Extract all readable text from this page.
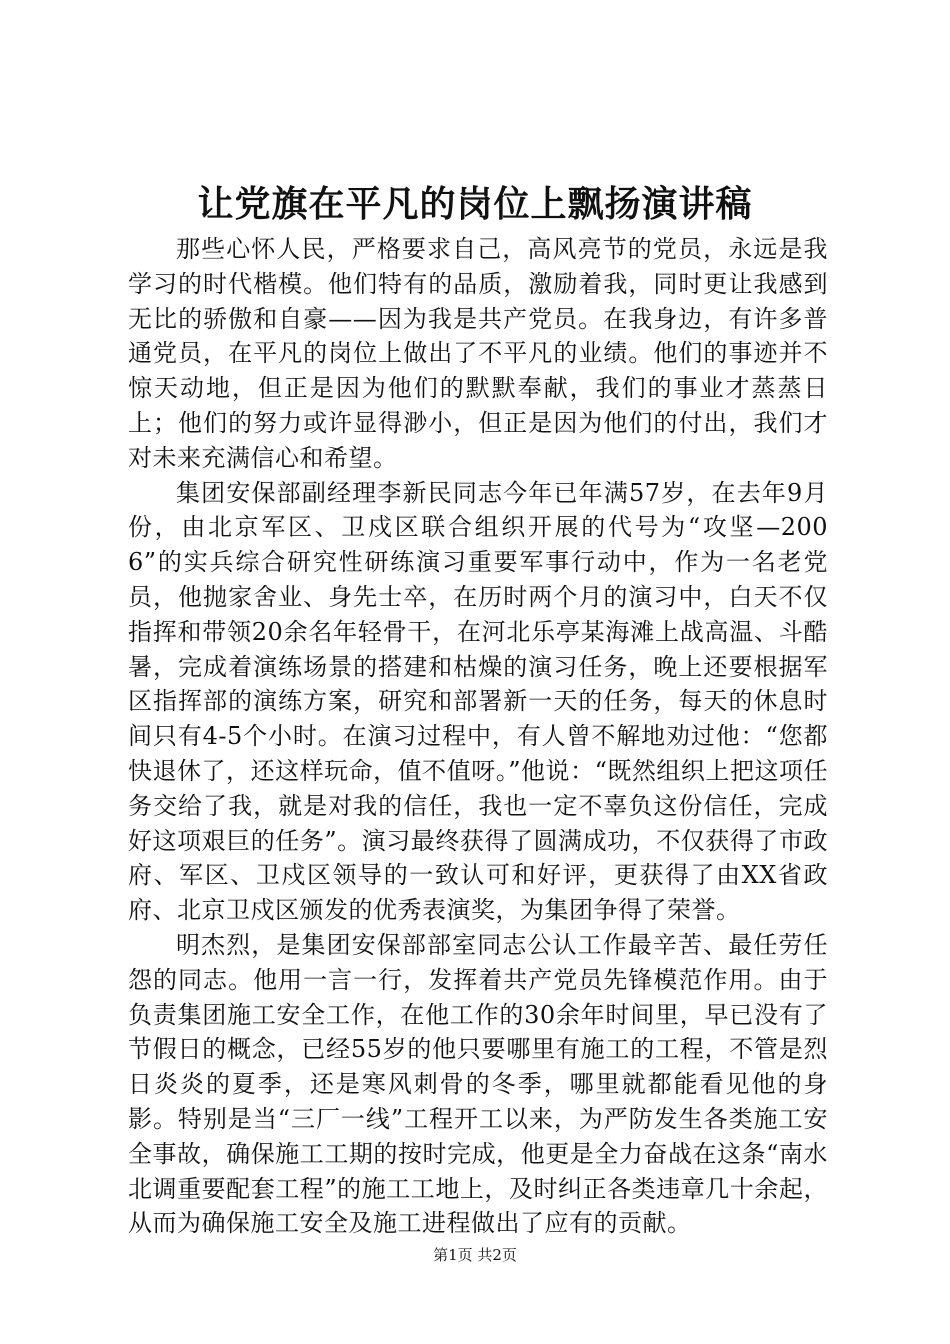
让党旗在平凡的岗位上飘扬演讲稿

那些心怀人民，严格要求自己，高风亮节的党员，永远是我学习的时代楷模。他们特有的品质，激励着我，同时更让我感到无比的骄傲和自豪——因为我是共产党员。在我身边，有许多普通党员，在平凡的岗位上做出了不平凡的业绩。他们的事迹并不惊天动地，但正是因为他们的默默奉献，我们的事业才蒸蒸日上；他们的努力或许显得渺小，但正是因为他们的付出，我们才对未来充满信心和希望。

集团安保部副经理李新民同志今年已年满57岁，在去年9月份，由北京军区、卫戍区联合组织开展的代号为“攻坚—2006”的实兵综合研究性研练演习重要军事行动中，作为一名老党员，他抛家舍业、身先士卒，在历时两个月的演习中，白天不仅指挥和带领20余名年轻骨干，在河北乐亭某海滩上战高温、斗酷暑，完成着演练场景的搭建和枯燥的演习任务，晚上还要根据军区指挥部的演练方案，研究和部署新一天的任务，每天的休息时间只有4-5个小时。在演习过程中，有人曾不解地劝过他：“您都快退休了，还这样玩命，值不值呀。”他说：“既然组织上把这项任务交给了我，就是对我的信任，我也一定不辜负这份信任，完成好这项艰巨的任务”。演习最终获得了圆满成功，不仅获得了市政府、军区、卫戍区领导的一致认可和好评，更获得了由XX省政府、北京卫戍区颁发的优秀表演奖，为集团争得了荣誉。

明杰烈，是集团安保部部室同志公认工作最辛苦、最任劳任怨的同志。他用一言一行，发挥着共产党员先锋模范作用。由于负责集团施工安全工作，在他工作的30余年时间里，早已没有了节假日的概念，已经55岁的他只要哪里有施工的工程，不管是烈日炎炎的夏季，还是寒风刺骨的冬季，哪里就都能看见他的身影。特别是当“三厂一线”工程开工以来，为严防发生各类施工安全事故，确保施工工期的按时完成，他更是全力奋战在这条“南水北调重要配套工程”的施工工地上，及时纠正各类违章几十余起，从而为确保施工安全及施工进程做出了应有的贡献。

第1页 共2页
